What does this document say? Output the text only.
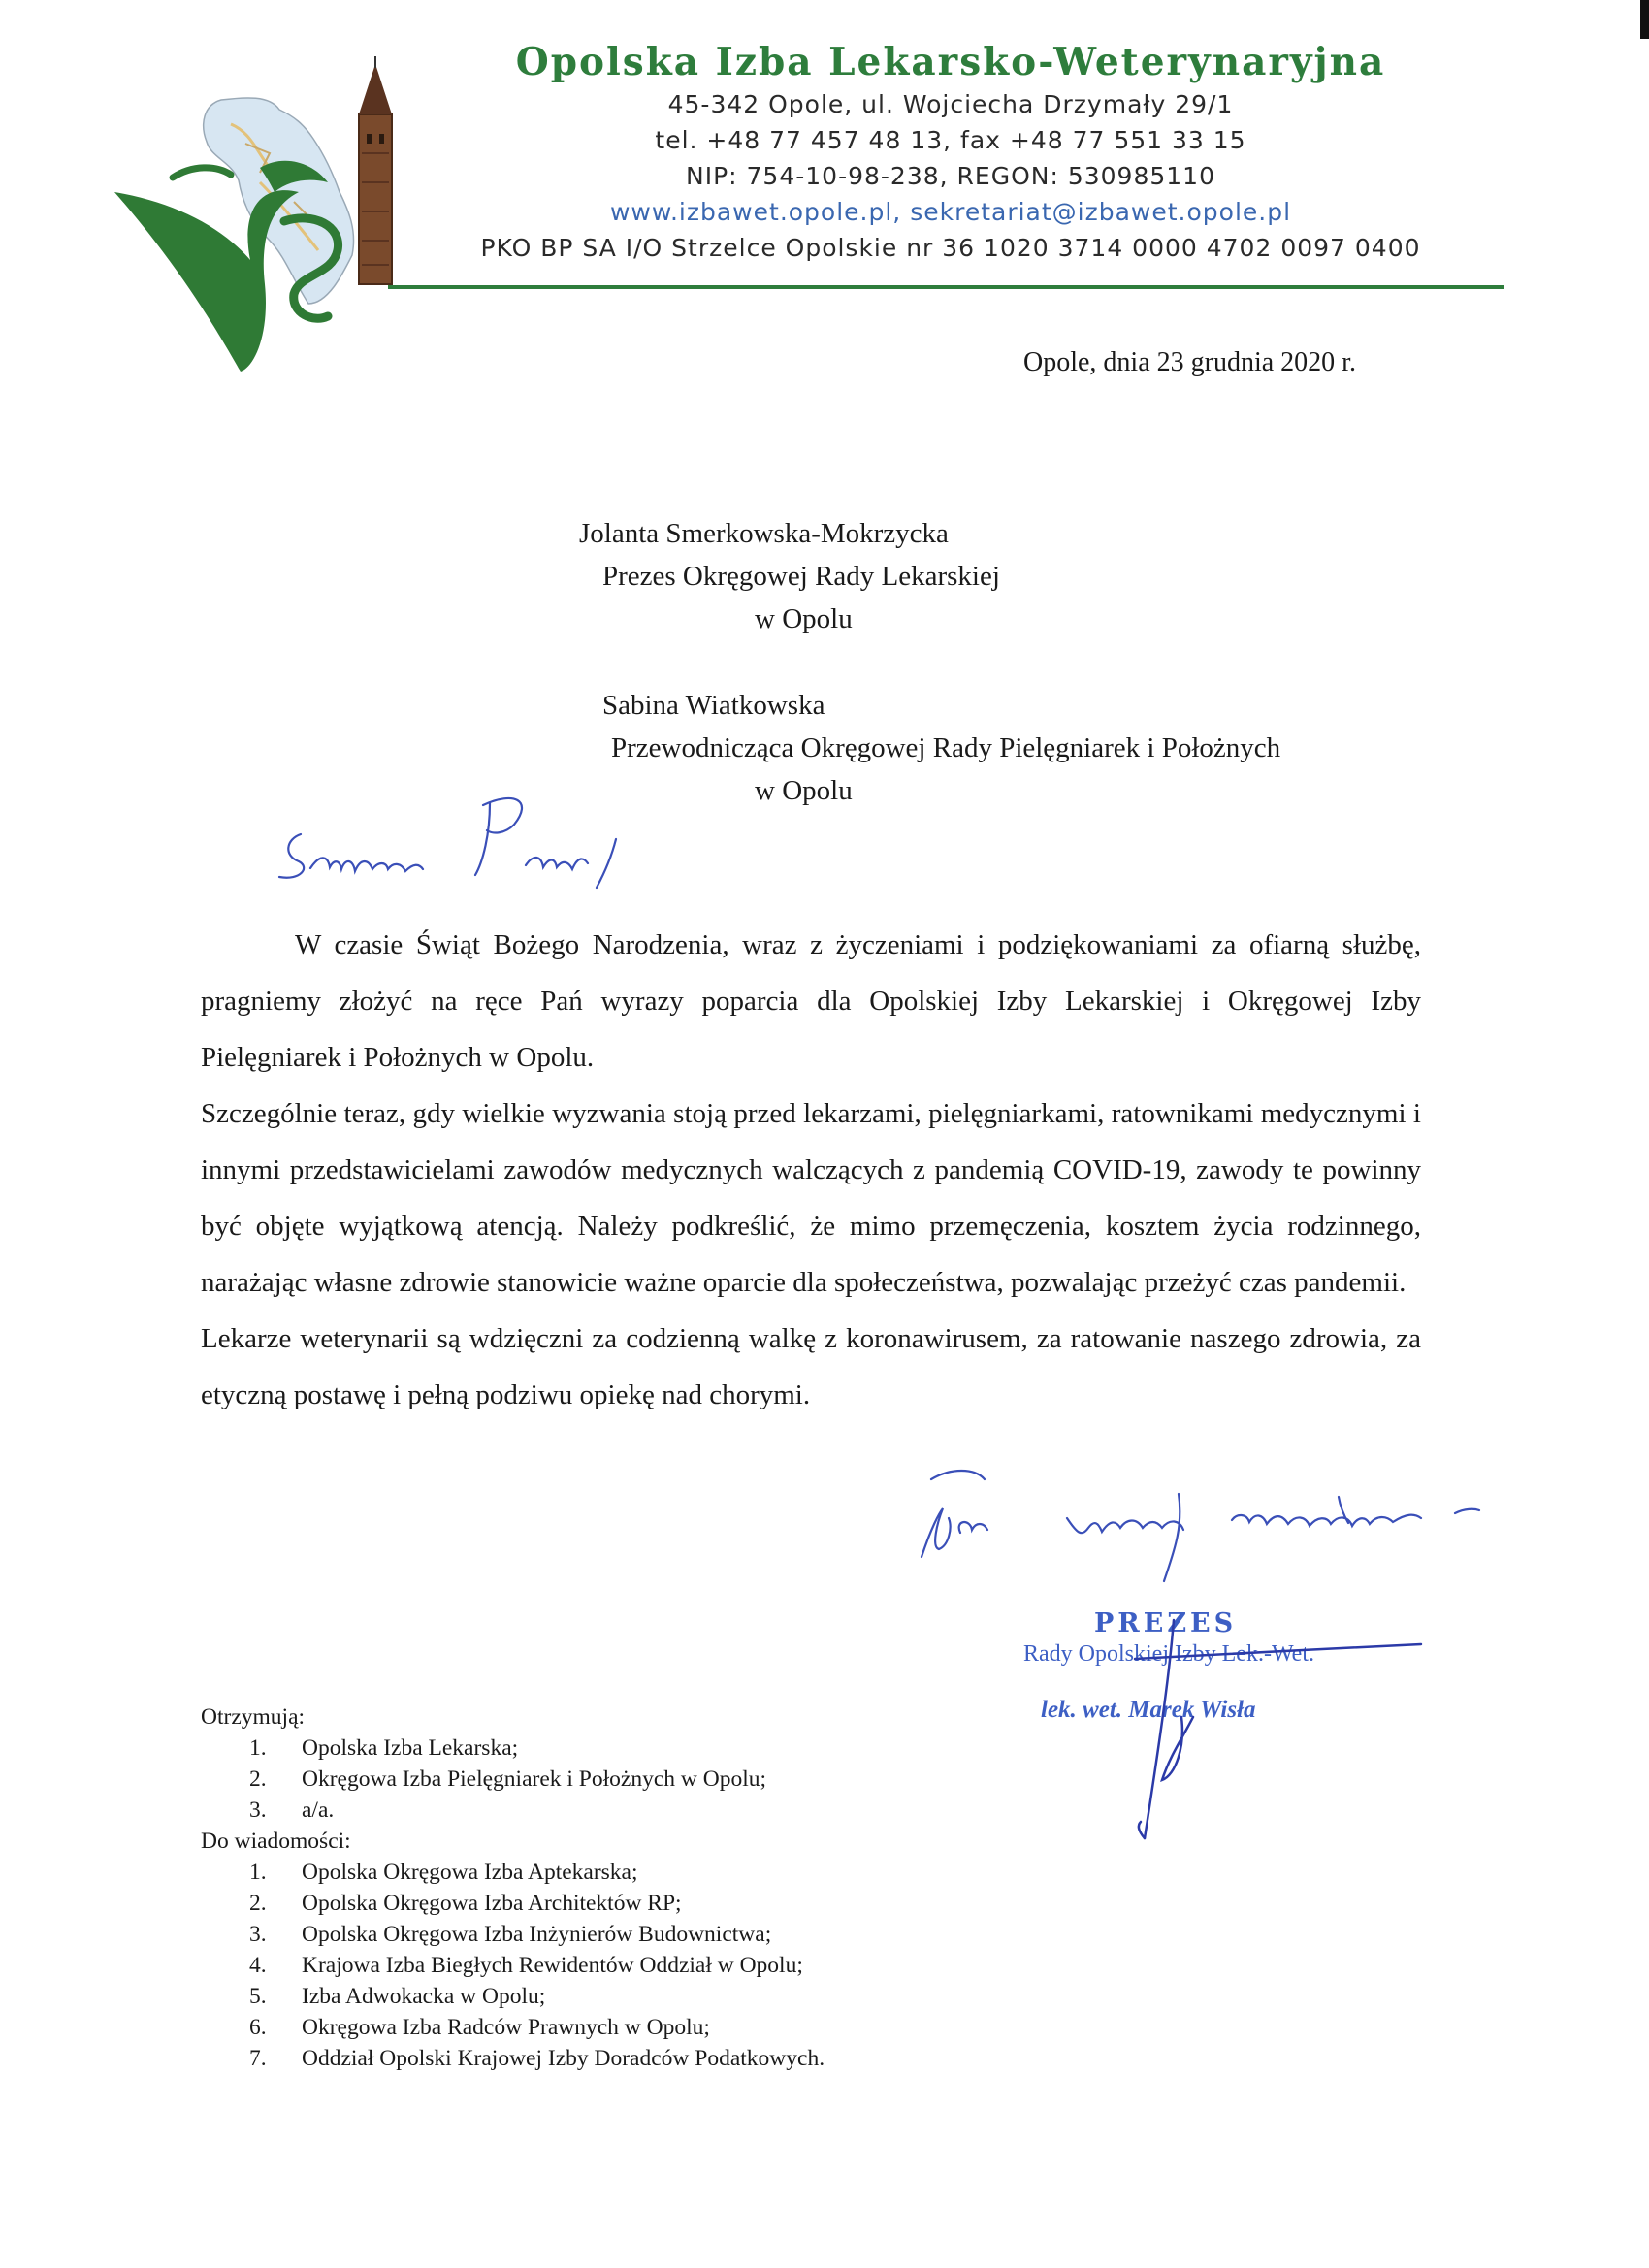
Opolska Izba Lekarsko-Weterynaryjna
45-342 Opole, ul. Wojciecha Drzymały 29/1
tel. +48 77 457 48 13, fax +48 77 551 33 15
NIP: 754-10-98-238, REGON: 530985110
www.izbawet.opole.pl, sekretariat@izbawet.opole.pl
PKO BP SA I/O Strzelce Opolskie nr 36 1020 3714 0000 4702 0097 0400
Opole, dnia 23 grudnia 2020 r.
Jolanta Smerkowska-Mokrzycka
Prezes Okręgowej Rady Lekarskiej
w Opolu
Sabina Wiatkowska
Przewodnicząca Okręgowej Rady Pielęgniarek i Położnych
w Opolu
Szanowne Panie,

W czasie Świąt Bożego Narodzenia, wraz z życzeniami i podziękowaniami za ofiarną służbę, pragniemy złożyć na ręce Pań wyrazy poparcia dla Opolskiej Izby Lekarskiej i Okręgowej Izby Pielęgniarek i Położnych w Opolu.

Szczególnie teraz, gdy wielkie wyzwania stoją przed lekarzami, pielęgniarkami, ratownikami medycznymi i innymi przedstawicielami zawodów medycznych walczących z pandemią COVID-19, zawody te powinny być objęte wyjątkową atencją. Należy podkreślić, że mimo przemęczenia, kosztem życia rodzinnego, narażając własne zdrowie stanowicie ważne oparcie dla społeczeństwa, pozwalając przeżyć czas pandemii.

Lekarze weterynarii są wdzięczni za codzienną walkę z koronawirusem, za ratowanie naszego zdrowia, za etyczną postawę i pełną podziwu opiekę nad chorymi.

Łączę wyrazy szacunku
PREZES
Rady Opolskiej Izby Lek.-Wet.
lek. wet. Marek Wisła
Otrzymują:
1.	Opolska Izba Lekarska;
2.	Okręgowa Izba Pielęgniarek i Położnych w Opolu;
3.	a/a.
Do wiadomości:
1.	Opolska Okręgowa Izba Aptekarska;
2.	Opolska Okręgowa Izba Architektów RP;
3.	Opolska Okręgowa Izba Inżynierów Budownictwa;
4.	Krajowa Izba Biegłych Rewidentów Oddział w Opolu;
5.	Izba Adwokacka w Opolu;
6.	Okręgowa Izba Radców Prawnych w Opolu;
7.	Oddział Opolski Krajowej Izby Doradców Podatkowych.
